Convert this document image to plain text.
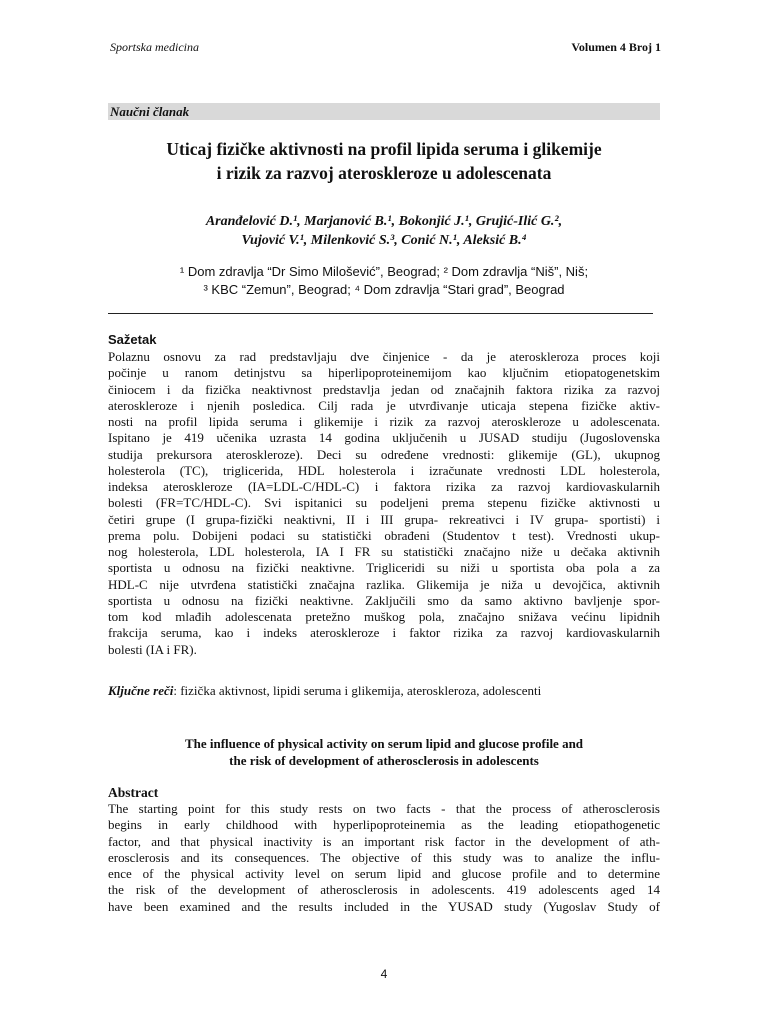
Sportska medicina	Volumen 4 Broj 1
Naučni članak
Uticaj fizičke aktivnosti na profil lipida seruma i glikemije
i rizik za razvoj ateroskleroze u adolescenata
Aranđelović D.¹, Marjanović B.¹, Bokonjić J.¹, Grujić-Ilić G.²,
Vujović V.¹, Milenković S.³, Conić N.¹, Aleksić B.⁴
¹ Dom zdravlja “Dr Simo Milošević”, Beograd; ² Dom zdravlja “Niš”, Niš;
³ KBC “Zemun”, Beograd; ⁴ Dom zdravlja “Stari grad”, Beograd
Sažetak
Polaznu osnovu za rad predstavljaju dve činjenice - da je ateroskleroza proces koji
počinje u ranom detinjstvu sa hiperlipoproteinemijom kao ključnim etiopatogenetskim
činiocem i da fizička neaktivnost predstavlja jedan od značajnih faktora rizika za razvoj
ateroskleroze i njenih posledica. Cilj rada je utvrđivanje uticaja stepena fizičke aktiv-
nosti na profil lipida seruma i glikemije i rizik za razvoj ateroskleroze u adolescenata.
Ispitano je 419 učenika uzrasta 14 godina uključenih u JUSAD studiju (Jugoslovenska
studija prekursora ateroskleroze). Deci su određene vrednosti: glikemije (GL), ukupnog
holesterola (TC), triglicerida, HDL holesterola i izračunate vrednosti LDL holesterola,
indeksa ateroskleroze (IA=LDL-C/HDL-C) i faktora rizika za razvoj kardiovaskularnih
bolesti (FR=TC/HDL-C). Svi ispitanici su podeljeni prema stepenu fizičke aktivnosti u
četiri grupe (I grupa-fizički neaktivni, II i III grupa- rekreativci i IV grupa- sportisti) i
prema polu. Dobijeni podaci su statistički obrađeni (Studentov t test). Vrednosti ukup-
nog holesterola, LDL holesterola, IA I FR su statistički značajno niže u dečaka aktivnih
sportista u odnosu na fizički neaktivne. Trigliceridi su niži u sportista oba pola a za
HDL-C nije utvrđena statistički značajna razlika. Glikemija je niža u devojčica, aktivnih
sportista u odnosu na fizički neaktivne. Zaključili smo da samo aktivno bavljenje spor-
tom kod mlađih adolescenata pretežno muškog pola, značajno snižava većinu lipidnih
frakcija seruma, kao i indeks ateroskleroze i faktor rizika za razvoj kardiovaskularnih
bolesti (IA i FR).
Ključne reči: fizička aktivnost, lipidi seruma i glikemija, ateroskleroza, adolescenti
The influence of physical activity on serum lipid and glucose profile and
the risk of development of atherosclerosis in adolescents
Abstract
The starting point for this study rests on two facts - that the process of atherosclerosis
begins in early childhood with hyperlipoproteinemia as the leading etiopathogenetic
factor, and that physical inactivity is an important risk factor in the development of ath-
erosclerosis and its consequences. The objective of this study was to analize the influ-
ence of the physical activity level on serum lipid and glucose profile and to determine
the risk of the development of atherosclerosis in adolescents. 419 adolescents aged 14
have been examined and the results included in the YUSAD study (Yugoslav Study of
4
